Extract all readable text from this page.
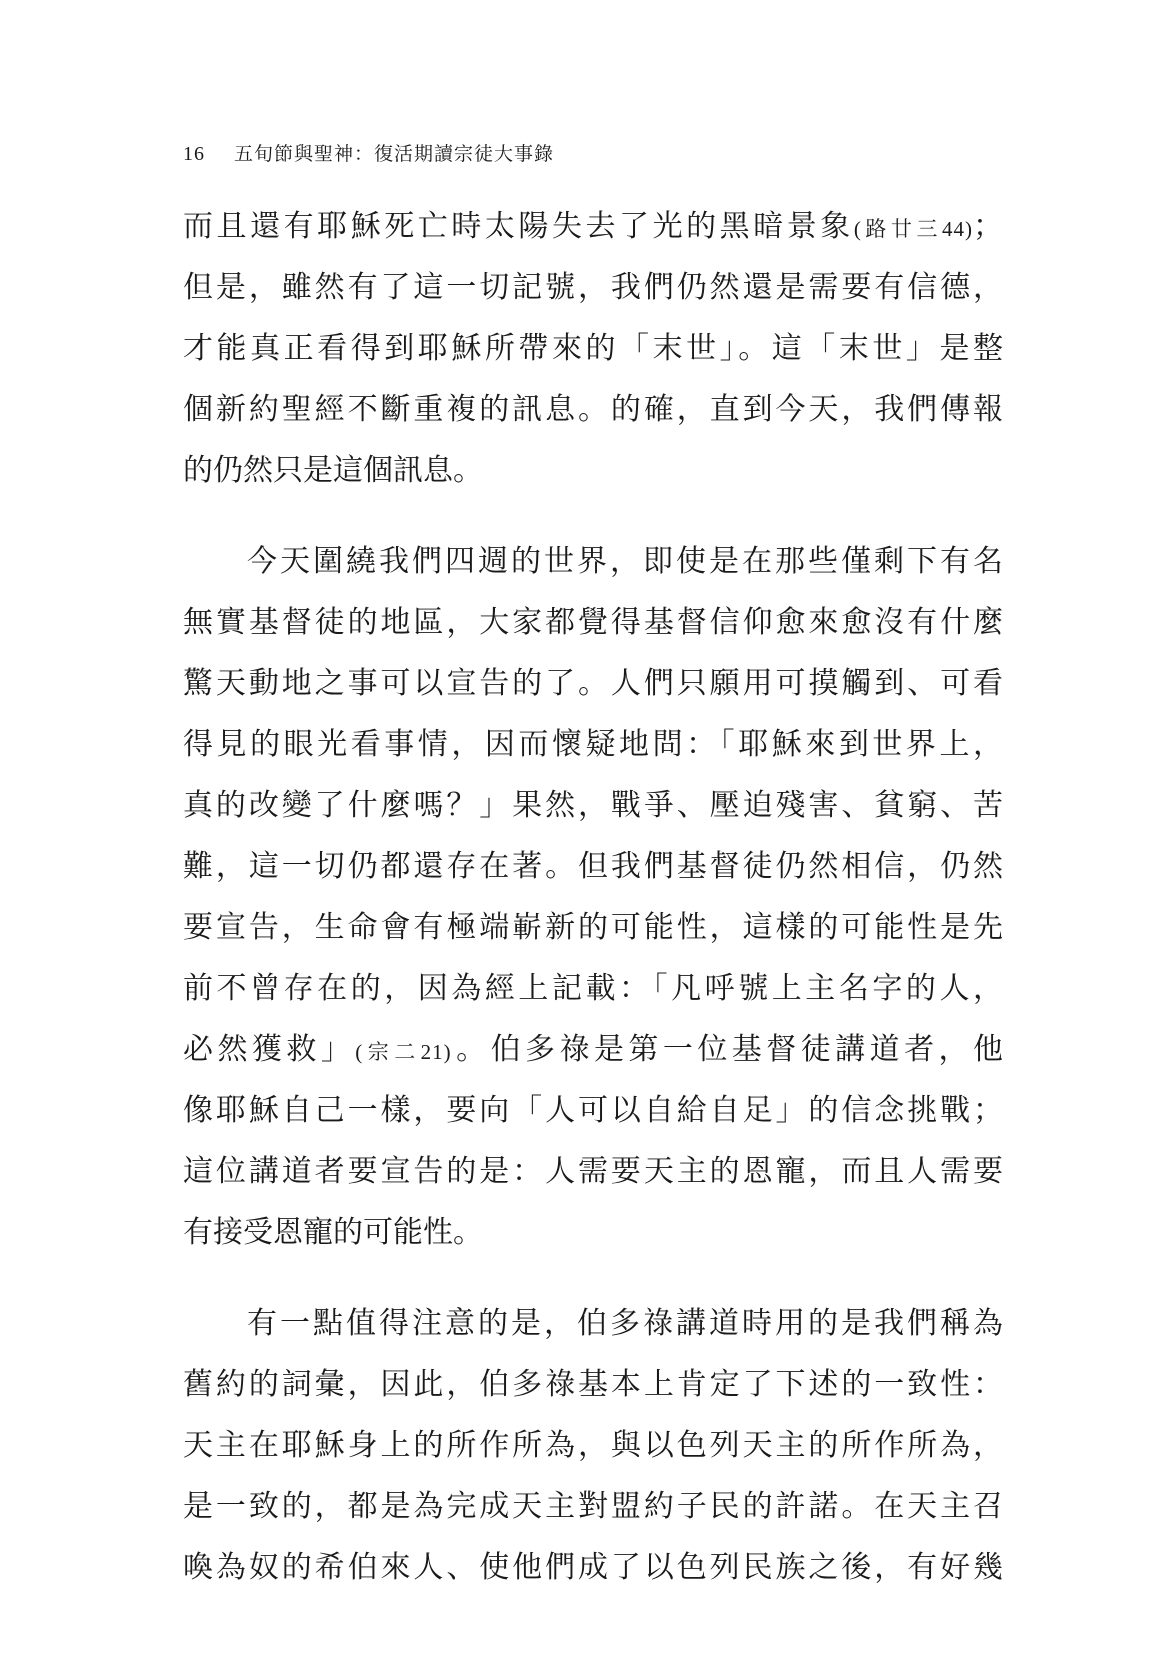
16 五旬節與聖神：復活期讀宗徒大事錄
而且還有耶穌死亡時太陽失去了光的黑暗景象(路廿三44)；
但是，雖然有了這一切記號，我們仍然還是需要有信德，
才能真正看得到耶穌所帶來的「末世」。這「末世」是整
個新約聖經不斷重複的訊息。的確，直到今天，我們傳報
的仍然只是這個訊息。
今天圍繞我們四週的世界，即使是在那些僅剩下有名
無實基督徒的地區，大家都覺得基督信仰愈來愈沒有什麼
驚天動地之事可以宣告的了。人們只願用可摸觸到、可看
得見的眼光看事情，因而懷疑地問：「耶穌來到世界上，
真的改變了什麼嗎？」果然，戰爭、壓迫殘害、貧窮、苦
難，這一切仍都還存在著。但我們基督徒仍然相信，仍然
要宣告，生命會有極端嶄新的可能性，這樣的可能性是先
前不曾存在的，因為經上記載：「凡呼號上主名字的人，
必然獲救」(宗二21)。伯多祿是第一位基督徒講道者，他
像耶穌自己一樣，要向「人可以自給自足」的信念挑戰；
這位講道者要宣告的是：人需要天主的恩寵，而且人需要
有接受恩寵的可能性。
有一點值得注意的是，伯多祿講道時用的是我們稱為
舊約的詞彙，因此，伯多祿基本上肯定了下述的一致性：
天主在耶穌身上的所作所為，與以色列天主的所作所為，
是一致的，都是為完成天主對盟約子民的許諾。在天主召
喚為奴的希伯來人、使他們成了以色列民族之後，有好幾
